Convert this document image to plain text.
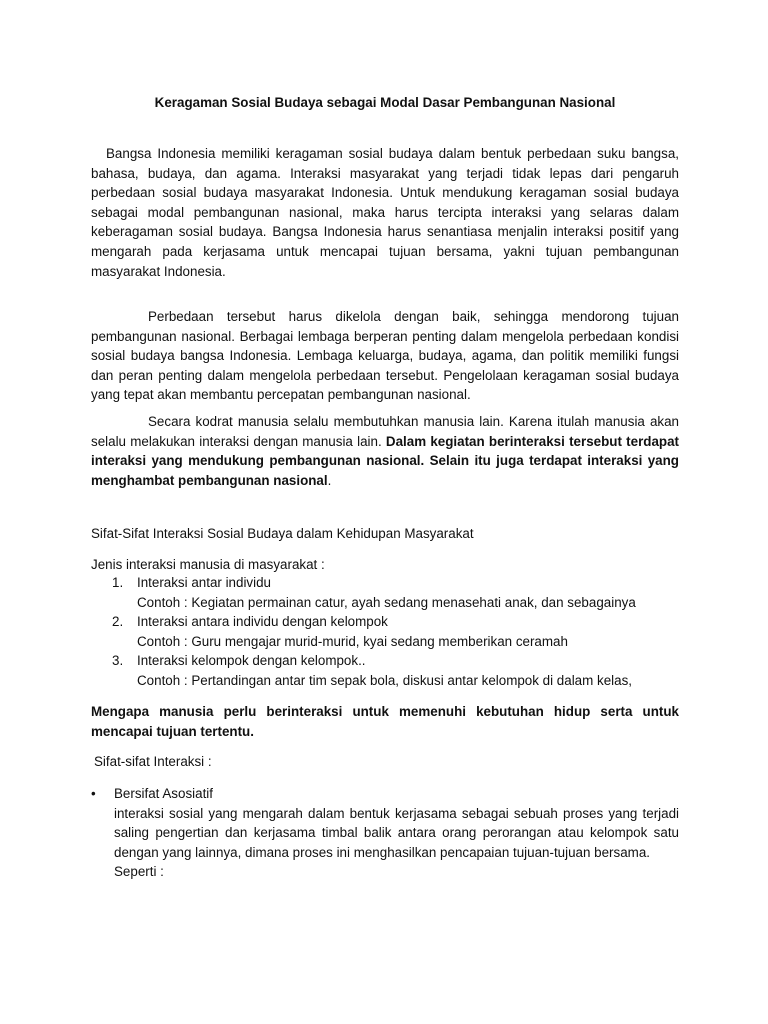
Keragaman Sosial Budaya sebagai Modal Dasar Pembangunan Nasional

Bangsa Indonesia memiliki keragaman sosial budaya dalam bentuk perbedaan suku bangsa, bahasa, budaya, dan agama. Interaksi masyarakat yang terjadi tidak lepas dari pengaruh perbedaan sosial budaya masyarakat Indonesia. Untuk mendukung keragaman sosial budaya sebagai modal pembangunan nasional, maka harus tercipta interaksi yang selaras dalam keberagaman sosial budaya. Bangsa Indonesia harus senantiasa menjalin interaksi positif yang mengarah pada kerjasama untuk mencapai tujuan bersama, yakni tujuan pembangunan masyarakat Indonesia.

Perbedaan tersebut harus dikelola dengan baik, sehingga mendorong tujuan pembangunan nasional. Berbagai lembaga berperan penting dalam mengelola perbedaan kondisi sosial budaya bangsa Indonesia. Lembaga keluarga, budaya, agama, dan politik memiliki fungsi dan peran penting dalam mengelola perbedaan tersebut. Pengelolaan keragaman sosial budaya yang tepat akan membantu percepatan pembangunan nasional.

Secara kodrat manusia selalu membutuhkan manusia lain. Karena itulah manusia akan selalu melakukan interaksi dengan manusia lain. Dalam kegiatan berinteraksi tersebut terdapat interaksi yang mendukung pembangunan nasional. Selain itu juga terdapat interaksi yang menghambat pembangunan nasional.

Sifat-Sifat Interaksi Sosial Budaya dalam Kehidupan Masyarakat

Jenis interaksi manusia di masyarakat :

1. Interaksi antar individu
Contoh : Kegiatan permainan catur, ayah sedang menasehati anak, dan sebagainya
2. Interaksi antara individu dengan kelompok
Contoh : Guru mengajar murid-murid, kyai sedang memberikan ceramah
3. Interaksi kelompok dengan kelompok..
Contoh : Pertandingan antar tim sepak bola, diskusi antar kelompok di dalam kelas,

Mengapa manusia perlu berinteraksi untuk memenuhi kebutuhan hidup serta untuk mencapai tujuan tertentu.

Sifat-sifat Interaksi :

•	Bersifat Asosiatif
interaksi sosial yang mengarah dalam bentuk kerjasama sebagai sebuah proses yang terjadi saling pengertian dan kerjasama timbal balik antara orang perorangan atau kelompok satu dengan yang lainnya, dimana proses ini menghasilkan pencapaian tujuan-tujuan bersama.
Seperti :
